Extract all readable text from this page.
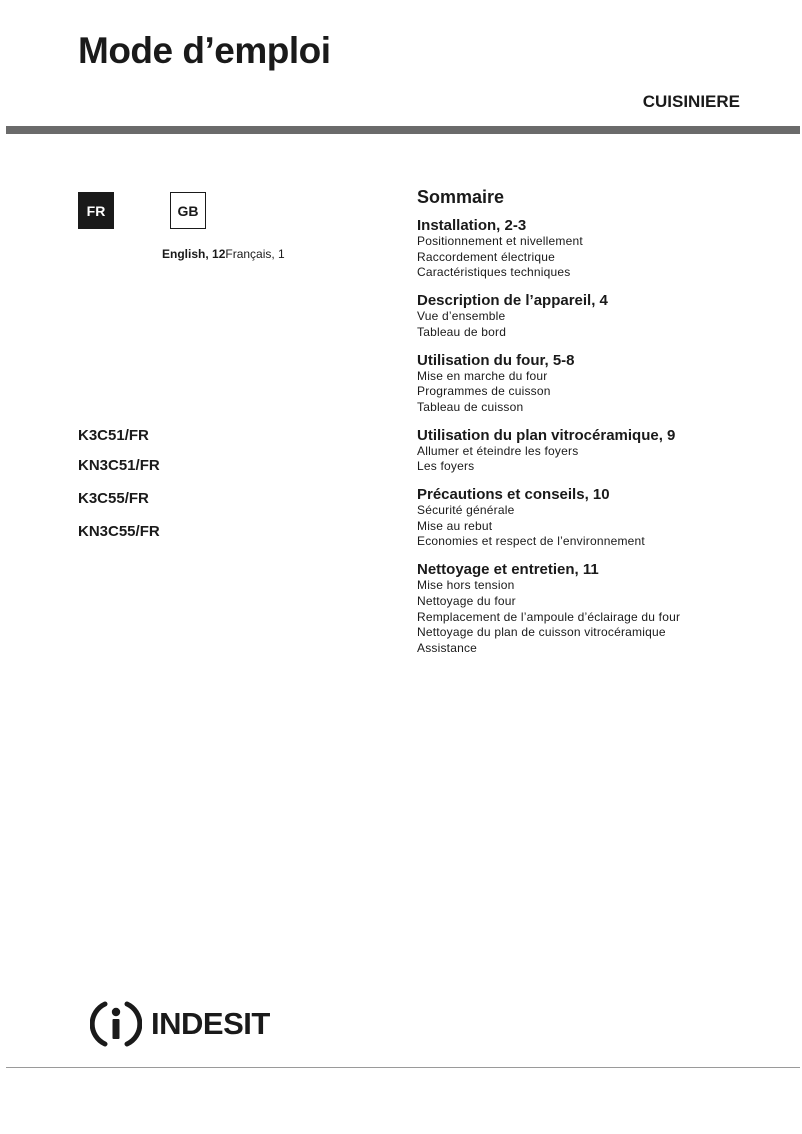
Mode d’emploi
CUISINIERE
FR	GB
English, 12Français, 1
K3C51/FR
KN3C51/FR
K3C55/FR
KN3C55/FR
Sommaire
Installation, 2-3
Positionnement et nivellement
Raccordement électrique
Caractéristiques techniques
Description de l’appareil, 4
Vue d’ensemble
Tableau de bord
Utilisation du four, 5-8
Mise en marche du four
Programmes de cuisson
Tableau de cuisson
Utilisation du plan vitrocéramique, 9
Allumer et éteindre les foyers
Les foyers
Précautions et conseils, 10
Sécurité générale
Mise au rebut
Economies et respect de l’environnement
Nettoyage et entretien, 11
Mise hors tension
Nettoyage du four
Remplacement de l’ampoule d’éclairage du four
Nettoyage du plan de cuisson vitrocéramique
Assistance
INDESIT
